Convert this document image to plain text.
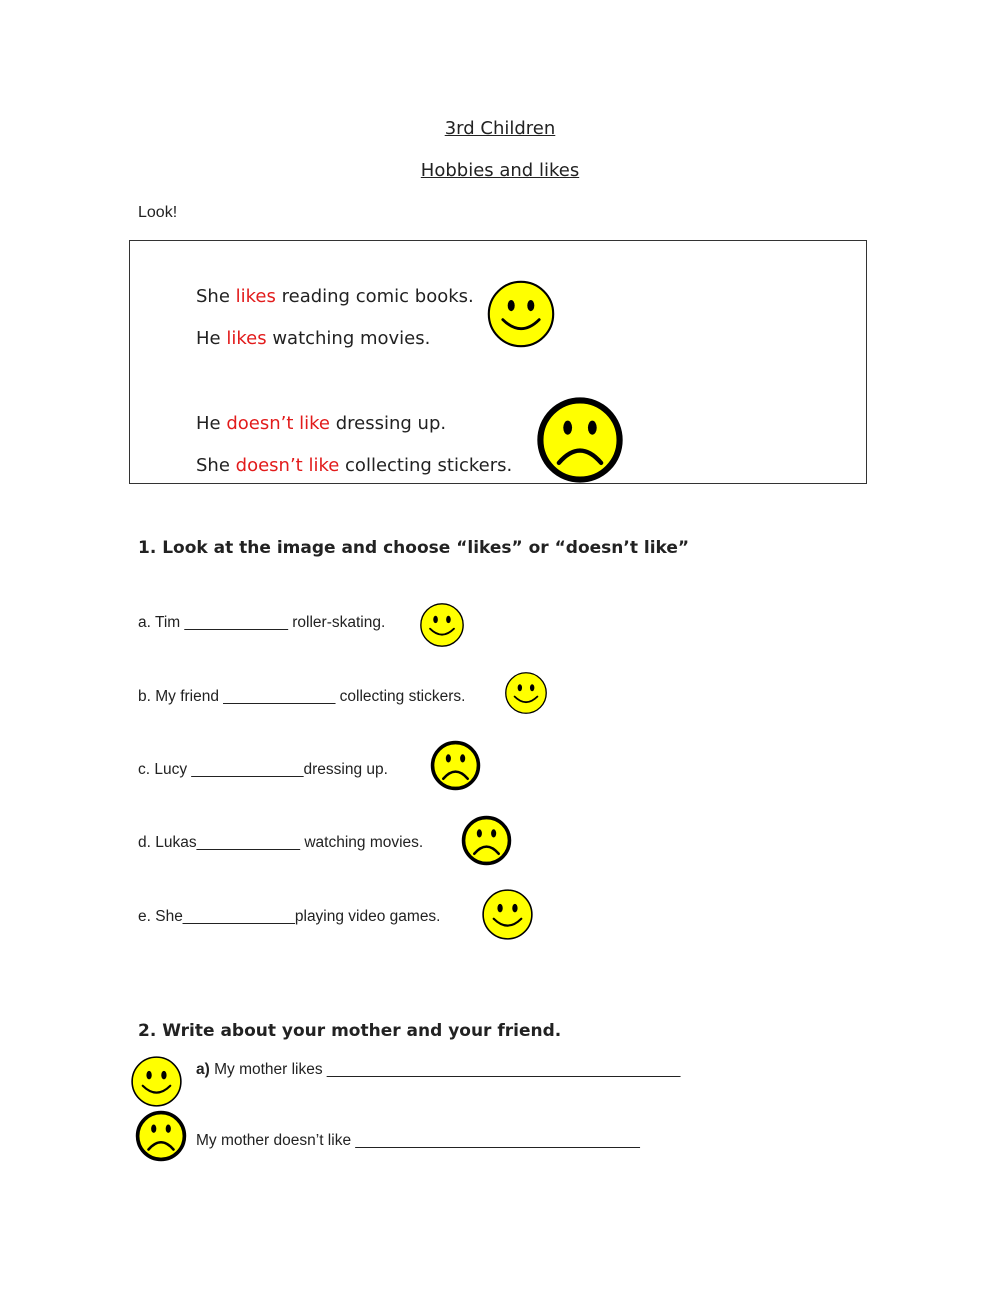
3rd Children
Hobbies and likes
Look!
She likes reading comic books.
He likes watching movies.
He doesn’t like dressing up.
She doesn’t like collecting stickers.
1. Look at the image and choose “likes” or “doesn’t like”
a. Tim ____________ roller-skating.
b. My friend _____________ collecting stickers.
c. Lucy _____________dressing up.
d. Lukas____________ watching movies.
e. She_____________playing video games.
2. Write about your mother and your friend.
a) My mother likes _________________________________________
My mother doesn’t like _________________________________
